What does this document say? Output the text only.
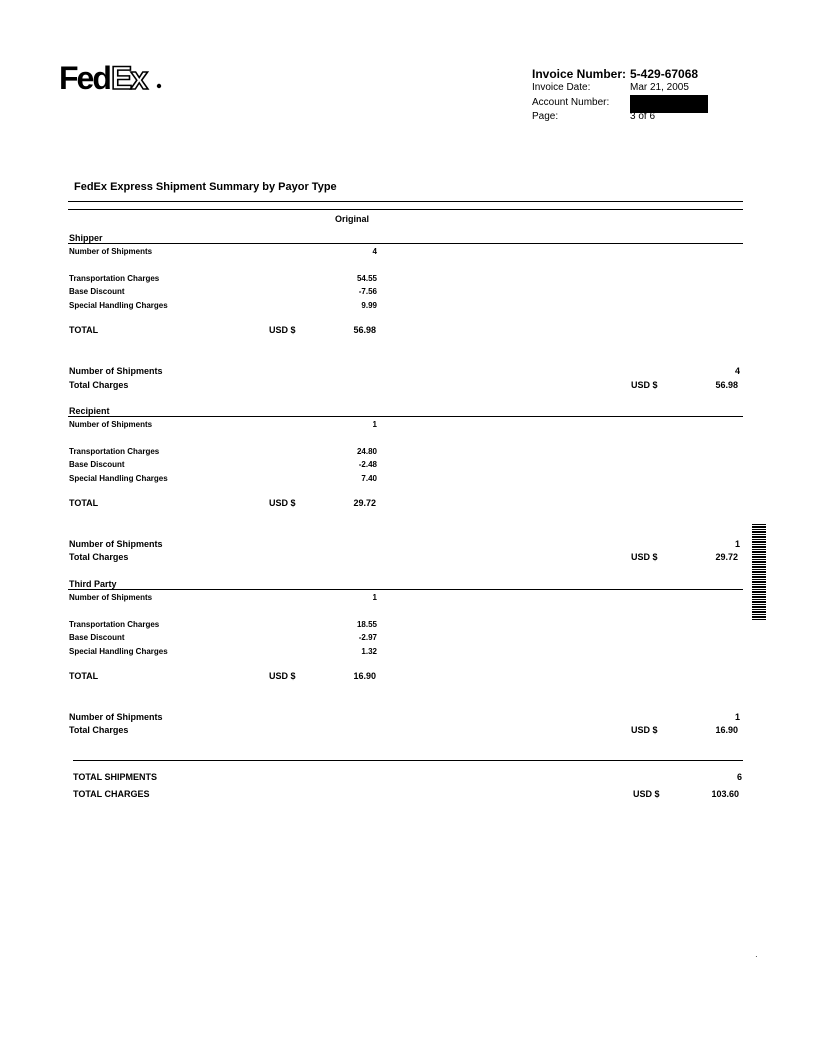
Fed Ex	Invoice Number: 5-429-67068
Invoice Date:	Mar 21, 2005
Account Number:
Page:	3 of 6
FedEx Express Shipment Summary by Payor Type
Original
Shipper
Number of Shipments	4
Transportation Charges	54.55
Base Discount	-7.56
Special Handling Charges	9.99
TOTAL	USD $	56.98
Number of Shipments	4
Total Charges	USD $	56.98
Recipient
Number of Shipments	1
Transportation Charges	24.80
Base Discount	-2.48
Special Handling Charges	7.40
TOTAL	USD $	29.72
Number of Shipments	1
Total Charges	USD $	29.72
Third Party
Number of Shipments	1
Transportation Charges	18.55
Base Discount	-2.97
Special Handling Charges	1.32
TOTAL	USD $	16.90
Number of Shipments	1
Total Charges	USD $	16.90
TOTAL SHIPMENTS	6
TOTAL CHARGES	USD $	103.60
·
